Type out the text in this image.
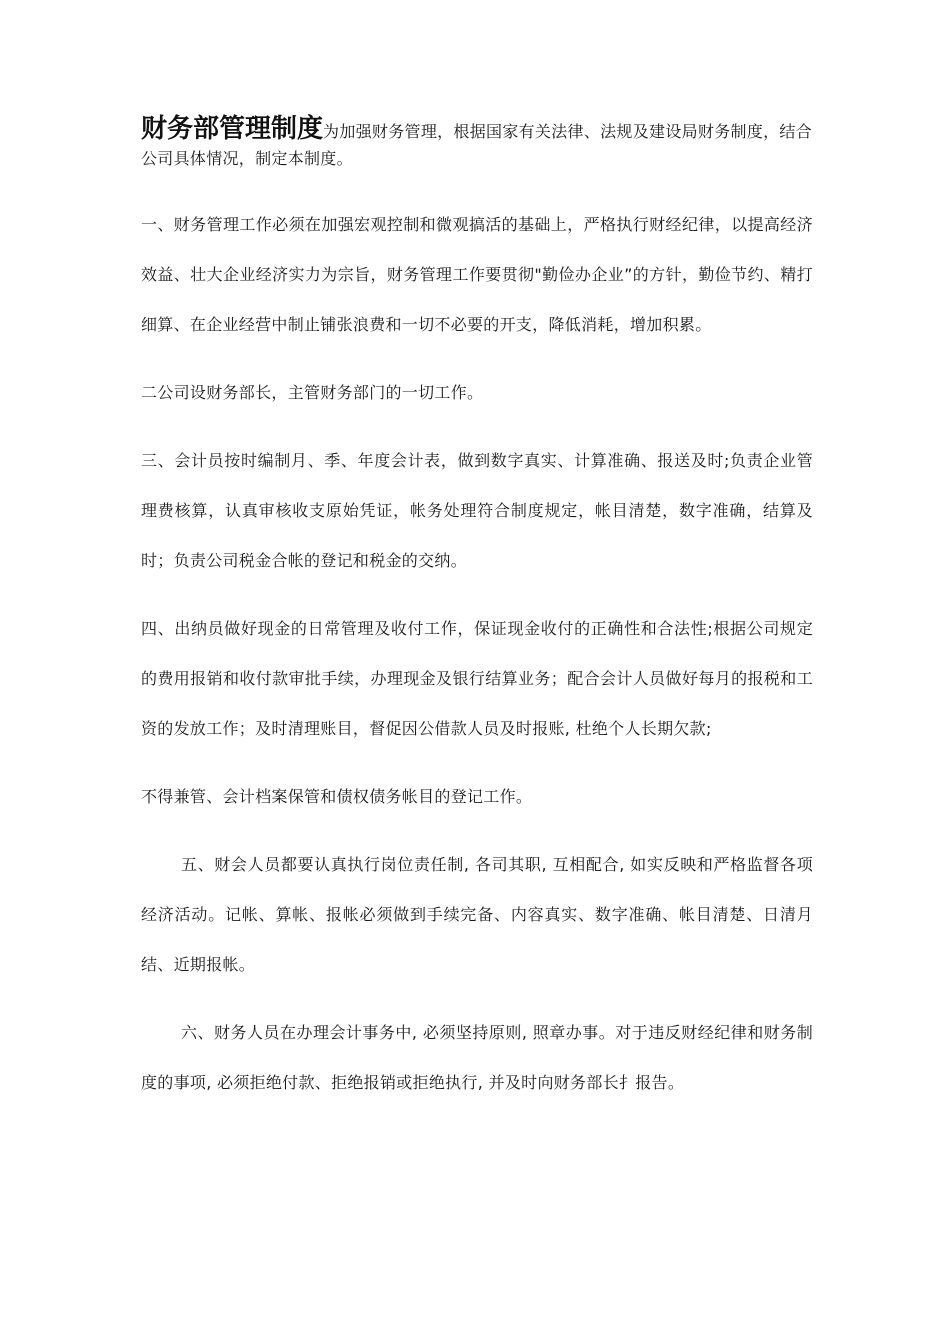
财务部管理制度为加强财务管理，根据国家有关法律、法规及建设局财务制度，结合公司具体情况，制定本制度。

一、财务管理工作必须在加强宏观控制和微观搞活的基础上，严格执行财经纪律，以提高经济效益、壮大企业经济实力为宗旨，财务管理工作要贯彻"勤俭办企业”的方针，勤俭节约、精打细算、在企业经营中制止铺张浪费和一切不必要的开支，降低消耗，增加积累。

二公司设财务部长，主管财务部门的一切工作。

三、会计员按时编制月、季、年度会计表，做到数字真实、计算准确、报送及时;负责企业管理费核算，认真审核收支原始凭证，帐务处理符合制度规定，帐目清楚，数字准确，结算及时；负责公司税金合帐的登记和税金的交纳。

四、出纳员做好现金的日常管理及收付工作，保证现金收付的正确性和合法性;根据公司规定的费用报销和收付款审批手续，办理现金及银行结算业务；配合会计人员做好每月的报税和工资的发放工作；及时清理账目，督促因公借款人员及时报账, 杜绝个人长期欠款;

不得兼管、会计档案保管和债权债务帐目的登记工作。

五、财会人员都要认真执行岗位责任制, 各司其职, 互相配合, 如实反映和严格监督各项经济活动。记帐、算帐、报帐必须做到手续完备、内容真实、数字准确、帐目清楚、日清月结、近期报帐。

六、财务人员在办理会计事务中, 必须坚持原则, 照章办事。对于违反财经纪律和财务制度的事项, 必须拒绝付款、拒绝报销或拒绝执行, 并及时向财务部长扌报告。
